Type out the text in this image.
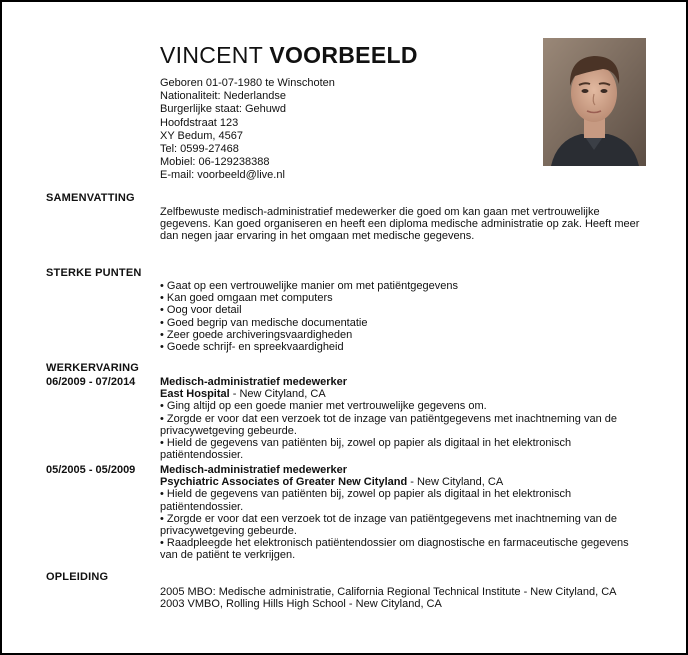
VINCENT VOORBEELD
Geboren 01-07-1980 te Winschoten
Nationaliteit: Nederlandse
Burgerlijke staat: Gehuwd
Hoofdstraat 123
XY Bedum, 4567
Tel: 0599-27468
Mobiel: 06-129238388
E-mail: voorbeeld@live.nl
SAMENVATTING
Zelfbewuste medisch-administratief medewerker die goed om kan gaan met vertrouwelijke gegevens. Kan goed organiseren en heeft een diploma medische administratie op zak. Heeft meer dan negen jaar ervaring in het omgaan met medische gegevens.
STERKE PUNTEN
• Gaat op een vertrouwelijke manier om met patiëntgegevens
• Kan goed omgaan met computers
• Oog voor detail
• Goed begrip van medische documentatie
• Zeer goede archiveringsvaardigheden
• Goede schrijf- en spreekvaardigheid
WERKERVARING
06/2009 - 07/2014 Medisch-administratief medewerker
East Hospital - New Cityland, CA
• Ging altijd op een goede manier met vertrouwelijke gegevens om.
• Zorgde er voor dat een verzoek tot de inzage van patiëntgegevens met inachtneming van de privacywetgeving gebeurde.
• Hield de gegevens van patiënten bij, zowel op papier als digitaal in het elektronisch patiëntendossier.
05/2005 - 05/2009 Medisch-administratief medewerker
Psychiatric Associates of Greater New Cityland - New Cityland, CA
• Hield de gegevens van patiënten bij, zowel op papier als digitaal in het elektronisch patiëntendossier.
• Zorgde er voor dat een verzoek tot de inzage van patiëntgegevens met inachtneming van de privacywetgeving gebeurde.
• Raadpleegde het elektronisch patiëntendossier om diagnostische en farmaceutische gegevens van de patiënt te verkrijgen.
OPLEIDING
2005 MBO: Medische administratie, California Regional Technical Institute - New Cityland, CA
2003 VMBO, Rolling Hills High School - New Cityland, CA
